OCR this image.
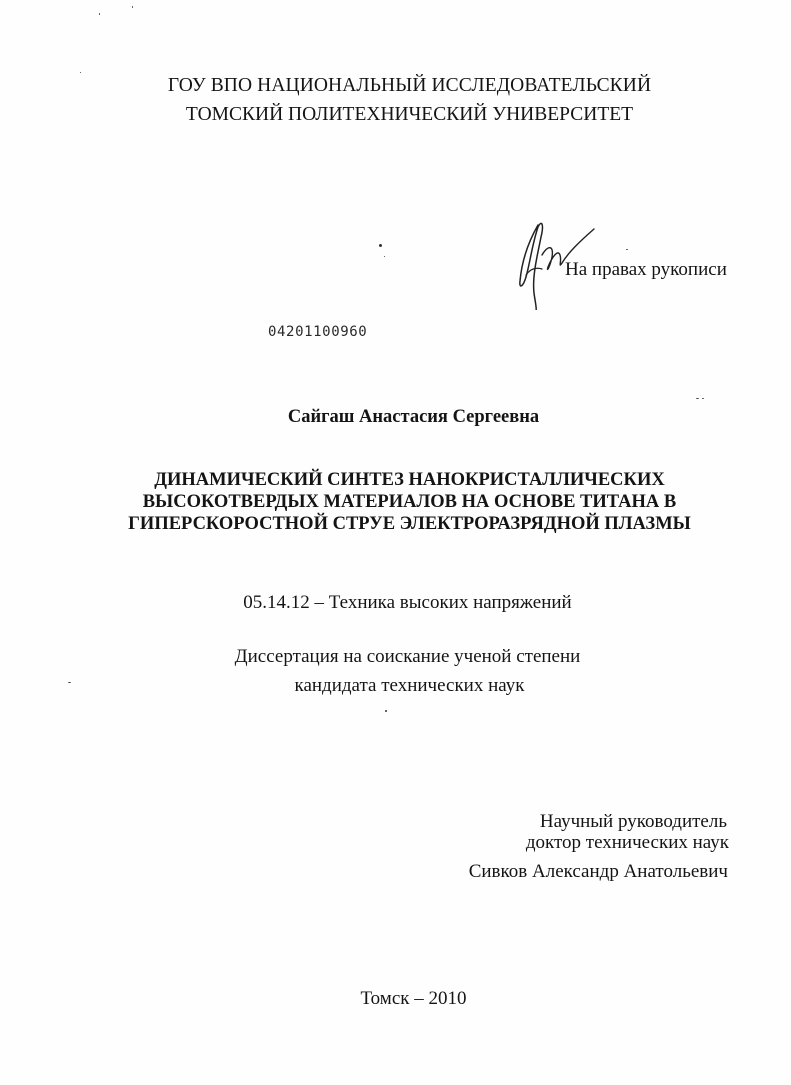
ГОУ ВПО НАЦИОНАЛЬНЫЙ ИССЛЕДОВАТЕЛЬСКИЙ
ТОМСКИЙ ПОЛИТЕХНИЧЕСКИЙ УНИВЕРСИТЕТ
На правах рукописи
04201100960
Сайгаш Анастасия Сергеевна
ДИНАМИЧЕСКИЙ СИНТЕЗ НАНОКРИСТАЛЛИЧЕСКИХ
ВЫСОКОТВЕРДЫХ МАТЕРИАЛОВ НА ОСНОВЕ ТИТАНА В
ГИПЕРСКОРОСТНОЙ СТРУЕ ЭЛЕКТРОРАЗРЯДНОЙ ПЛАЗМЫ
05.14.12 – Техника высоких напряжений
Диссертация на соискание ученой степени
кандидата технических наук
Научный руководитель
доктор технических наук
Сивков Александр Анатольевич
Томск – 2010
